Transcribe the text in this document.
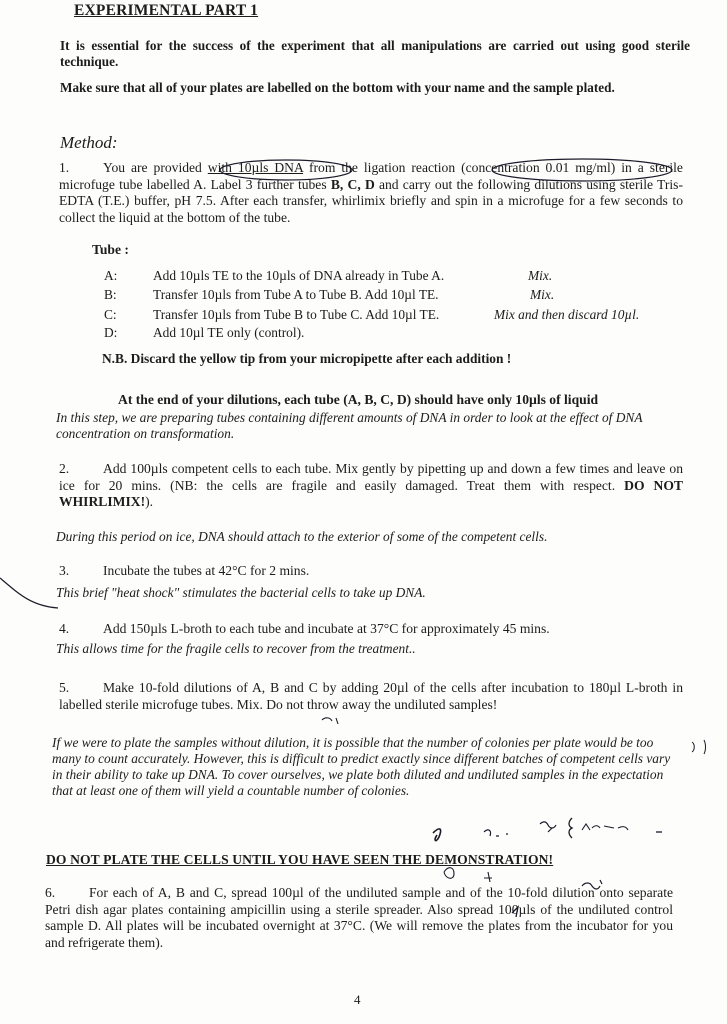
EXPERIMENTAL PART 1
It is essential for the success of the experiment that all manipulations are carried out using good sterile technique.
Make sure that all of your plates are labelled on the bottom with your name and the sample plated.
Method:
1. You are provided with 10µls DNA from the ligation reaction (concentration 0.01 mg/ml) in a sterile microfuge tube labelled A. Label 3 further tubes B, C, D and carry out the following dilutions using sterile Tris-EDTA (T.E.) buffer, pH 7.5. After each transfer, whirlimix briefly and spin in a microfuge for a few seconds to collect the liquid at the bottom of the tube.
Tube :
A:	Add 10µls TE to the 10µls of DNA already in Tube A.	Mix.
B:	Transfer 10µls from Tube A to Tube B. Add 10µl TE.	Mix.
C:	Transfer 10µls from Tube B to Tube C. Add 10µl TE.	Mix and then discard 10µl.
D:	Add 10µl TE only (control).
N.B. Discard the yellow tip from your micropipette after each addition !
At the end of your dilutions, each tube (A, B, C, D) should have only 10µls of liquid
In this step, we are preparing tubes containing different amounts of DNA in order to look at the effect of DNA concentration on transformation.
2. Add 100µls competent cells to each tube. Mix gently by pipetting up and down a few times and leave on ice for 20 mins. (NB: the cells are fragile and easily damaged. Treat them with respect. DO NOT WHIRLIMIX!).
During this period on ice, DNA should attach to the exterior of some of the competent cells.
3. Incubate the tubes at 42°C for 2 mins.
This brief "heat shock" stimulates the bacterial cells to take up DNA.
4. Add 150µls L-broth to each tube and incubate at 37°C for approximately 45 mins.
This allows time for the fragile cells to recover from the treatment..
5. Make 10-fold dilutions of A, B and C by adding 20µl of the cells after incubation to 180µl L-broth in labelled sterile microfuge tubes. Mix. Do not throw away the undiluted samples!
If we were to plate the samples without dilution, it is possible that the number of colonies per plate would be too many to count accurately. However, this is difficult to predict exactly since different batches of competent cells vary in their ability to take up DNA. To cover ourselves, we plate both diluted and undiluted samples in the expectation that at least one of them will yield a countable number of colonies.
DO NOT PLATE THE CELLS UNTIL YOU HAVE SEEN THE DEMONSTRATION!
6. For each of A, B and C, spread 100µl of the undiluted sample and of the 10-fold dilution onto separate Petri dish agar plates containing ampicillin using a sterile spreader. Also spread 100µls of the undiluted control sample D. All plates will be incubated overnight at 37°C. (We will remove the plates from the incubator for you and refrigerate them).
4
